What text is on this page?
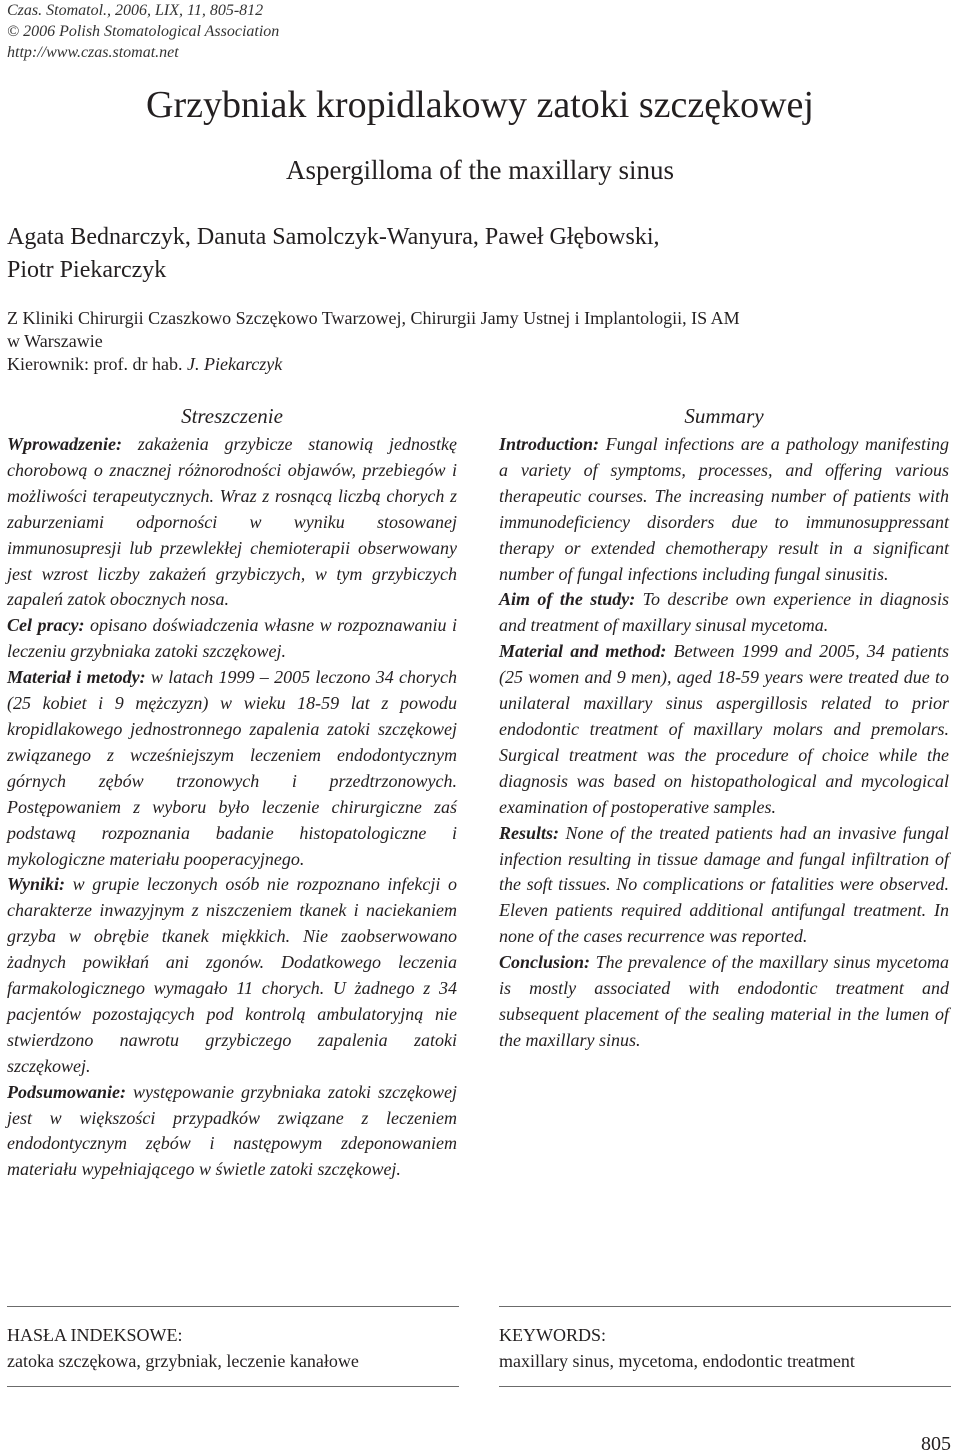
Czas. Stomatol., 2006, LIX, 11, 805-812
© 2006 Polish Stomatological Association
http://www.czas.stomat.net
Grzybniak kropidlakowy zatoki szczękowej
Aspergilloma of the maxillary sinus
Agata Bednarczyk, Danuta Samolczyk-Wanyura, Paweł Głębowski,
Piotr Piekarczyk
Z Kliniki Chirurgii Czaszkowo Szczękowo Twarzowej, Chirurgii Jamy Ustnej i Implantologii, IS AM
w Warszawie
Kierownik: prof. dr hab. J. Piekarczyk
Streszczenie

Wprowadzenie: zakażenia grzybicze stanowią jednostkę chorobową o znacznej różnorodności objawów, przebiegów i możliwości terapeutycznych. Wraz z rosnącą liczbą chorych z zaburzeniami odporności w wyniku stosowanej immunosupresji lub przewlekłej chemioterapii obserwowany jest wzrost liczby zakażeń grzybiczych, w tym grzybiczych zapaleń zatok obocznych nosa.

Cel pracy: opisano doświadczenia własne w rozpoznawaniu i leczeniu grzybniaka zatoki szczękowej.

Materiał i metody: w latach 1999 – 2005 leczono 34 chorych (25 kobiet i 9 mężczyzn) w wieku 18-59 lat z powodu kropidlakowego jednostronnego zapalenia zatoki szczękowej związanego z wcześniejszym leczeniem endodontycznym górnych zębów trzonowych i przedtrzonowych. Postępowaniem z wyboru było leczenie chirurgiczne zaś podstawą rozpoznania badanie histopatologiczne i mykologiczne materiału pooperacyjnego.

Wyniki: w grupie leczonych osób nie rozpoznano infekcji o charakterze inwazyjnym z niszczeniem tkanek i naciekaniem grzyba w obrębie tkanek miękkich. Nie zaobserwowano żadnych powikłań ani zgonów. Dodatkowego leczenia farmakologicznego wymagało 11 chorych. U żadnego z 34 pacjentów pozostających pod kontrolą ambulatoryjną nie stwierdzono nawrotu grzybiczego zapalenia zatoki szczękowej.

Podsumowanie: występowanie grzybniaka zatoki szczękowej jest w większości przypadków związane z leczeniem endodontycznym zębów i następowym zdeponowaniem materiału wypełniającego w świetle zatoki szczękowej.

Summary

Introduction: Fungal infections are a pathology manifesting a variety of symptoms, processes, and offering various therapeutic courses. The increasing number of patients with immunodeficiency disorders due to immunosuppressant therapy or extended chemotherapy result in a significant number of fungal infections including fungal sinusitis.

Aim of the study: To describe own experience in diagnosis and treatment of maxillary sinusal mycetoma.

Material and method: Between 1999 and 2005, 34 patients (25 women and 9 men), aged 18-59 years were treated due to unilateral maxillary sinus aspergillosis related to prior endodontic treatment of maxillary molars and premolars. Surgical treatment was the procedure of choice while the diagnosis was based on histopathological and mycological examination of postoperative samples.

Results: None of the treated patients had an invasive fungal infection resulting in tissue damage and fungal infiltration of the soft tissues. No complications or fatalities were observed. Eleven patients required additional antifungal treatment. In none of the cases recurrence was reported.

Conclusion: The prevalence of the maxillary sinus mycetoma is mostly associated with endodontic treatment and subsequent placement of the sealing material in the lumen of the maxillary sinus.

HASŁA INDEKSOWE:
zatoka szczękowa, grzybniak, leczenie kanałowe
KEYWORDS:
maxillary sinus, mycetoma, endodontic treatment
805
